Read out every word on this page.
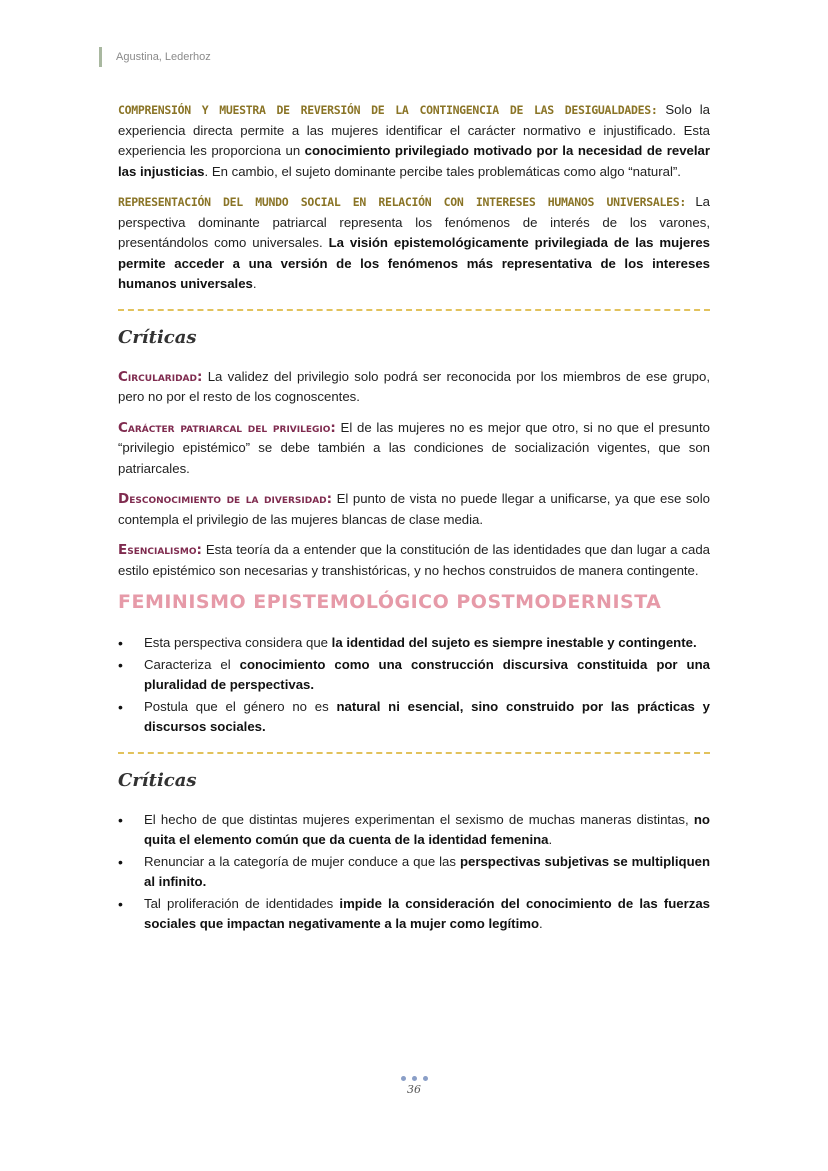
Agustina, Lederhoz

COMPRENSIÓN Y MUESTRA DE REVERSIÓN DE LA CONTINGENCIA DE LAS DESIGUALDADES: Solo la experiencia directa permite a las mujeres identificar el carácter normativo e injustificado. Esta experiencia les proporciona un conocimiento privilegiado motivado por la necesidad de revelar las injusticias. En cambio, el sujeto dominante percibe tales problemáticas como algo “natural”.

REPRESENTACIÓN DEL MUNDO SOCIAL EN RELACIÓN CON INTERESES HUMANOS UNIVERSALES: La perspectiva dominante patriarcal representa los fenómenos de interés de los varones, presentándolos como universales. La visión epistemológicamente privilegiada de las mujeres permite acceder a una versión de los fenómenos más representativa de los intereses humanos universales.

Críticas

Circularidad: La validez del privilegio solo podrá ser reconocida por los miembros de ese grupo, pero no por el resto de los cognoscentes.

Carácter patriarcal del privilegio: El de las mujeres no es mejor que otro, si no que el presunto “privilegio epistémico” se debe también a las condiciones de socialización vigentes, que son patriarcales.

Desconocimiento de la diversidad: El punto de vista no puede llegar a unificarse, ya que ese solo contempla el privilegio de las mujeres blancas de clase media.

Esencialismo: Esta teoría da a entender que la constitución de las identidades que dan lugar a cada estilo epistémico son necesarias y transhistóricas, y no hechos construidos de manera contingente.

FEMINISMO EPISTEMOLÓGICO POSTMODERNISTA
• Esta perspectiva considera que la identidad del sujeto es siempre inestable y contingente.
• Caracteriza el conocimiento como una construcción discursiva constituida por una pluralidad de perspectivas.
• Postula que el género no es natural ni esencial, sino construido por las prácticas y discursos sociales.
Críticas
• El hecho de que distintas mujeres experimentan el sexismo de muchas maneras distintas, no quita el elemento común que da cuenta de la identidad femenina.
• Renunciar a la categoría de mujer conduce a que las perspectivas subjetivas se multipliquen al infinito.
• Tal proliferación de identidades impide la consideración del conocimiento de las fuerzas sociales que impactan negativamente a la mujer como legítimo.
36
